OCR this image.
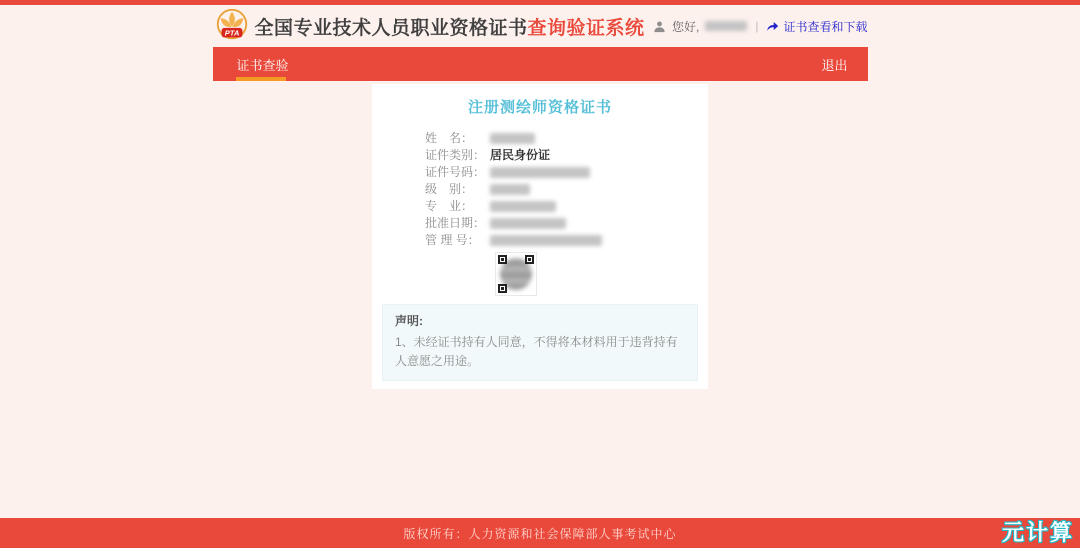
PTA 全国专业技术人员职业资格证书查询验证系统 您好,	| 证书查看和下载
证书查验	退出
注册测绘师资格证书
姓　名：
证件类别： 居民身份证
证件号码：
级　别：
专　业：
批准日期：
管 理 号：
声明:
1、未经证书持有人同意，不得将本材料用于违背持有人意愿之用途。
版权所有：人力资源和社会保障部人事考试中心	元计算
